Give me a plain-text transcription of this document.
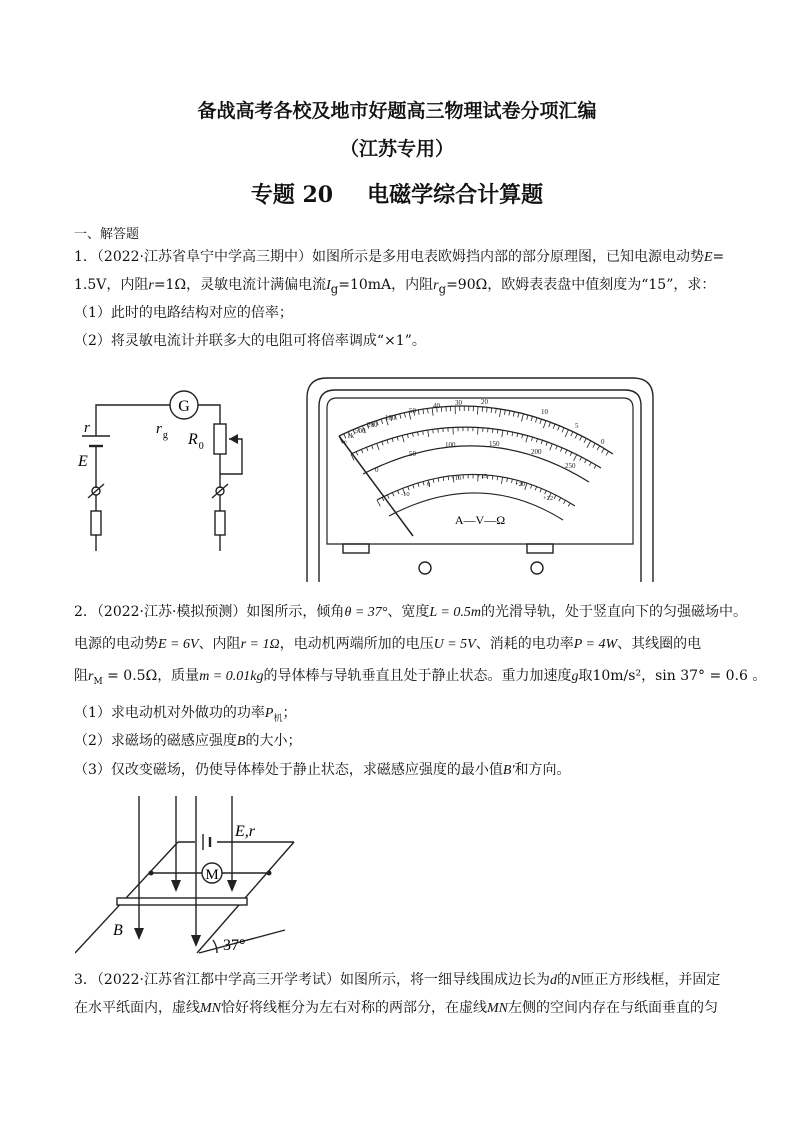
备战高考各校及地市好题高三物理试卷分项汇编
（江苏专用）
专题 20 电磁学综合计算题
一、解答题
1．（2022·江苏省阜宁中学高三期中）如图所示是多用电表欧姆挡内部的部分原理图，已知电源电动势E=
1.5V，内阻r=1Ω，灵敏电流计满偏电流$I_g=10mA$，内阻$r_g=90\Omega$，欧姆表表盘中值刻度为“15”，求：
（1）此时的电路结构对应的倍率；
（2）将灵敏电流计并联多大的电阻可将倍率调成“×1”。
G
r
E
$r_g$ $R_0$	∞
1k
500
200
100
50
40 30	20
10
5
0
0
50
100	150
200
250
-10
0
+10 +15
+20
+22
A—V—Ω
2．（2022·江苏·模拟预测）如图所示，倾角θ = 37°、宽度L = 0.5m的光滑导轨，处于竖直向下的匀强磁场中。
电源的电动势E = 6V、内阻r = 1Ω，电动机两端所加的电压U = 5V、消耗的电功率P = 4W、其线圈的电
阻$r_M = 0.5\Omega$，质量m = 0.01kg的导体棒与导轨垂直且处于静止状态。重力加速度g取10m/s²，sin 37° = 0.6 。
（1）求电动机对外做功的功率$P_机$；
（2）求磁场的磁感应强度B的大小；
（3）仅改变磁场，仍使导体棒处于静止状态，求磁感应强度的最小值B′和方向。
M
E,r
B
37°
3．（2022·江苏省江都中学高三开学考试）如图所示，将一细导线围成边长为d的N匝正方形线框，并固定
在水平纸面内，虚线MN恰好将线框分为左右对称的两部分，在虚线MN左侧的空间内存在与纸面垂直的匀
